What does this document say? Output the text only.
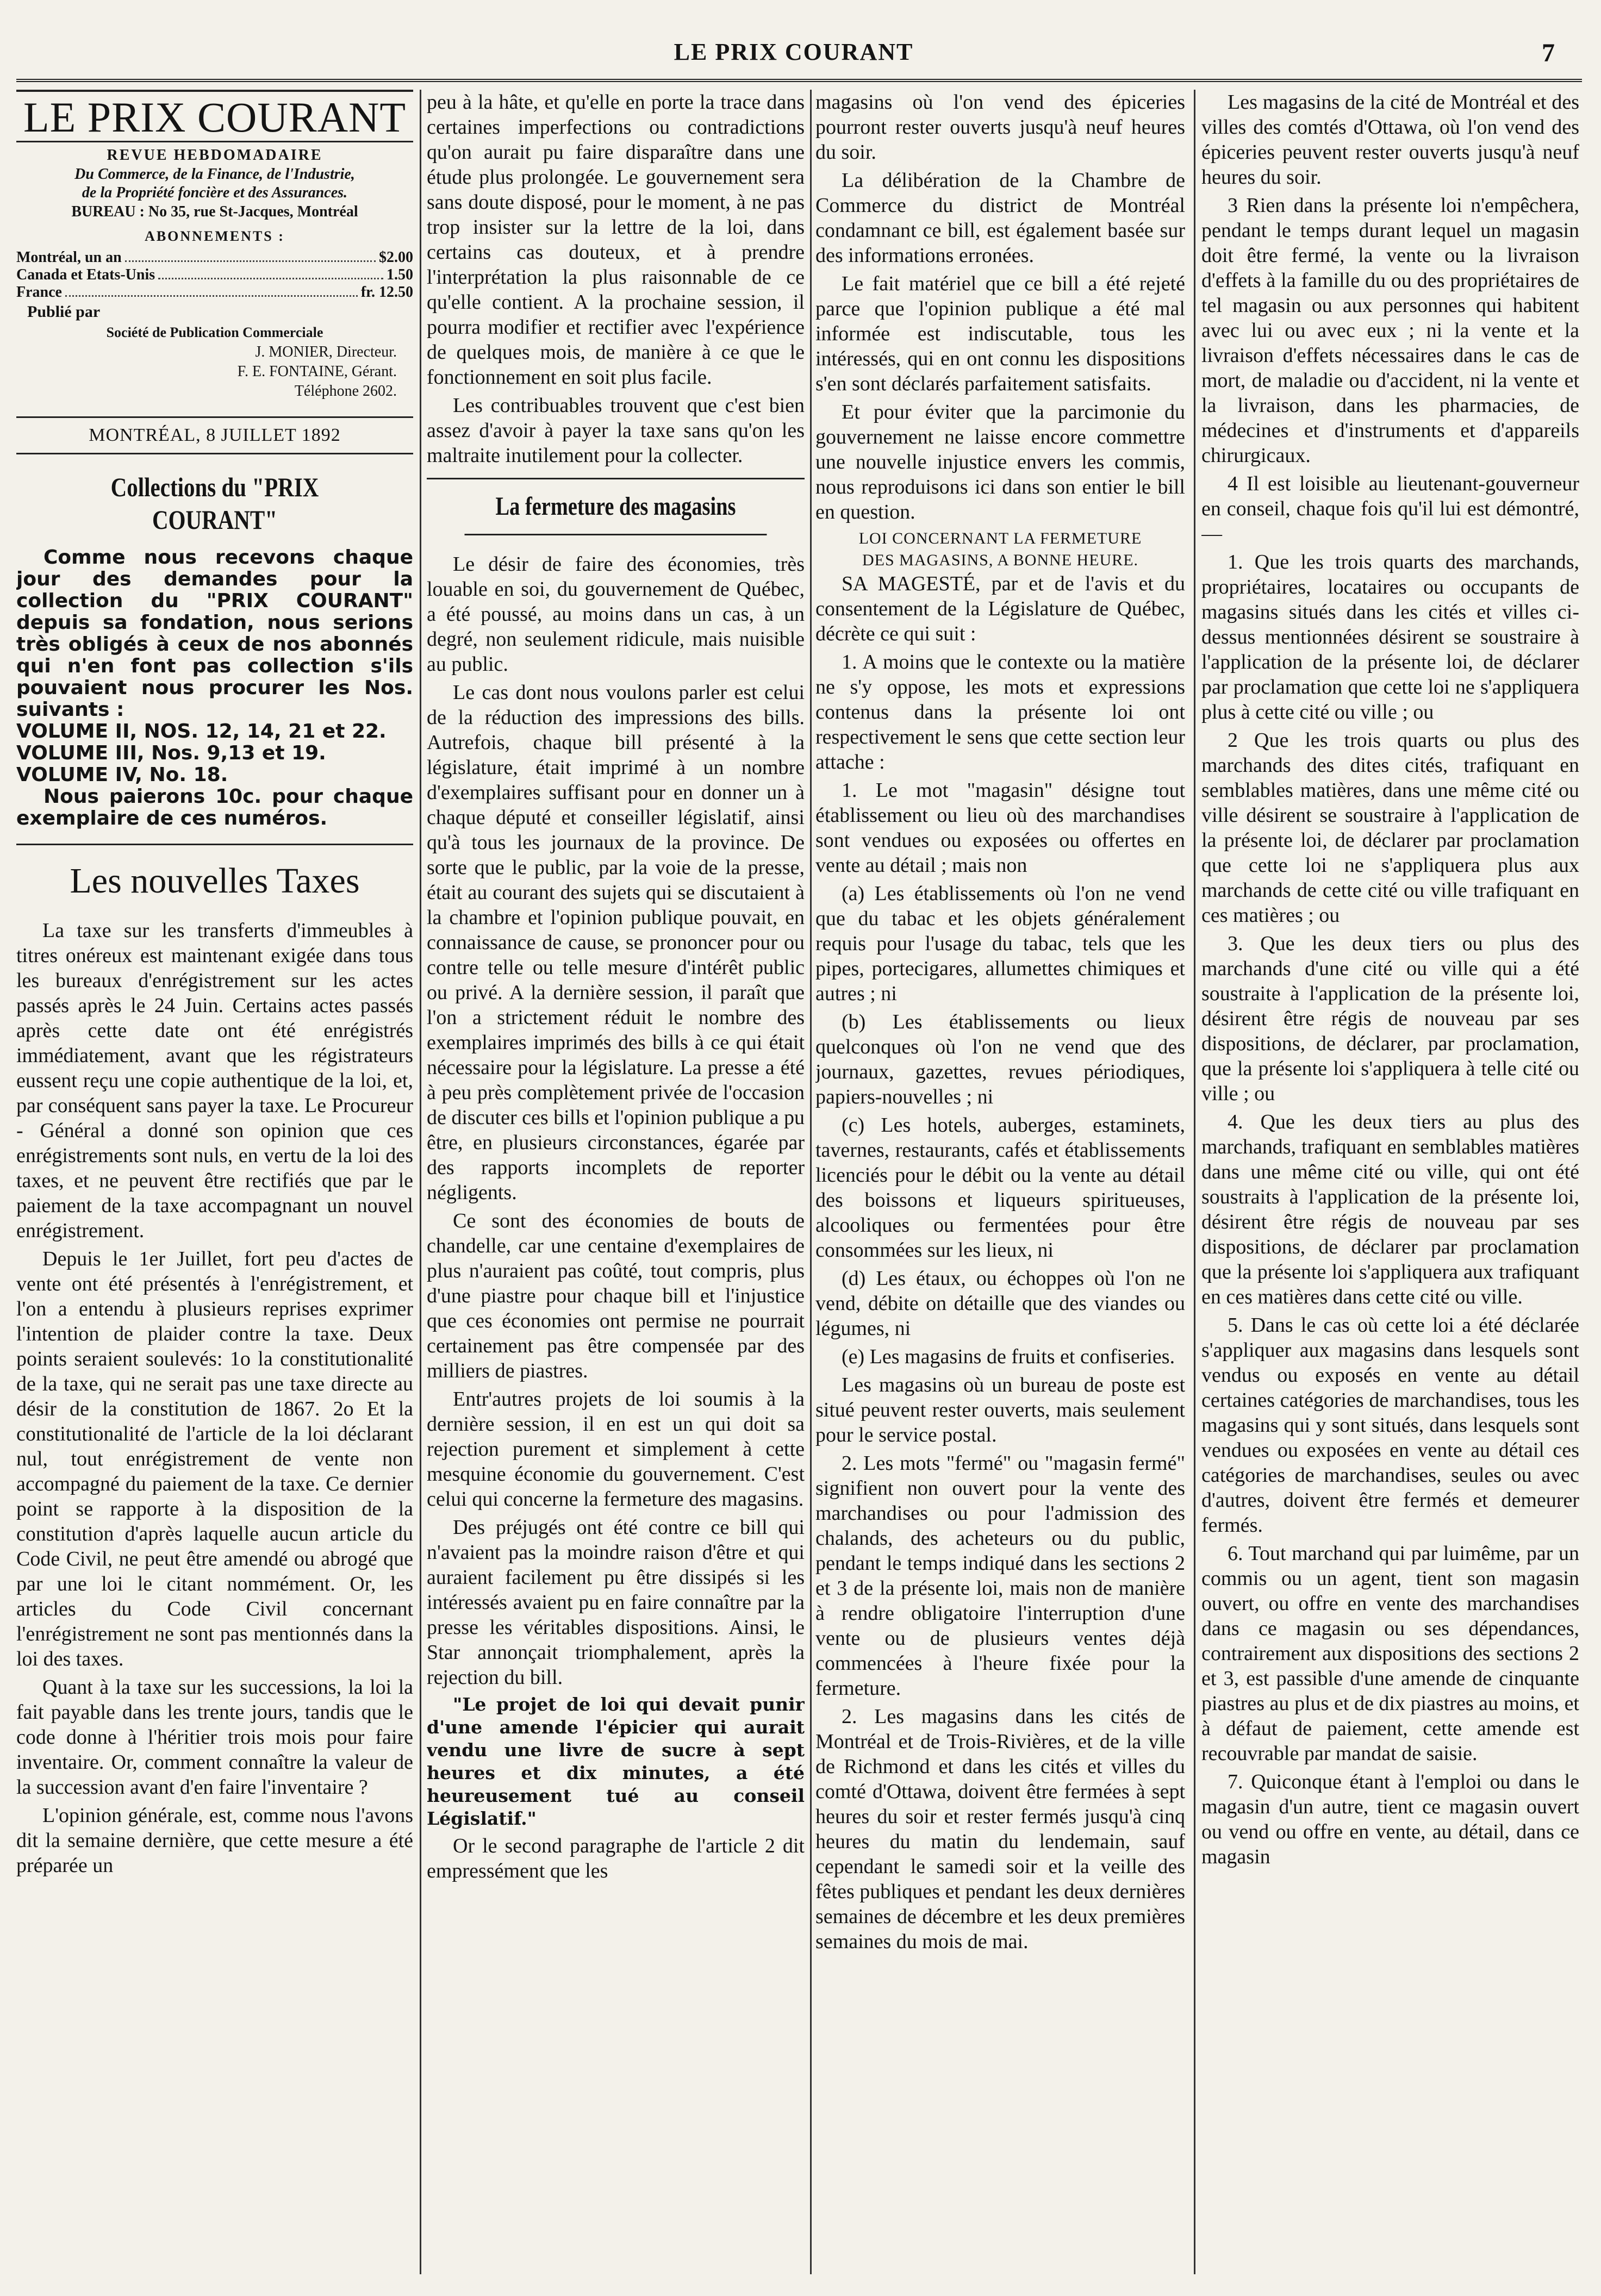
LE PRIX COURANT	7
LE PRIX COURANT
REVUE HEBDOMADAIRE
Du Commerce, de la Finance, de l'Industrie,
de la Propriété foncière et des Assurances.
BUREAU : No 35, rue St-Jacques, Montréal
ABONNEMENTS :
Montréal, un an	$2.00
Canada et Etats-Unis	1.50
France	fr. 12.50
Publié par
Société de Publication Commerciale
J. MONIER, Directeur.
F. E. FONTAINE, Gérant.
Téléphone 2602.
MONTRÉAL, 8 JUILLET 1892
Collections du "PRIX COURANT"
Comme nous recevons chaque jour des demandes pour la collection du "PRIX COURANT" depuis sa fondation, nous serions très obligés à ceux de nos abonnés qui n'en font pas collection s'ils pouvaient nous procurer les Nos. suivants :
VOLUME II, NOS. 12, 14, 21 et 22.
VOLUME III, Nos. 9,13 et 19.
VOLUME IV, No. 18.
Nous paierons 10c. pour chaque exemplaire de ces numéros.
Les nouvelles Taxes

La taxe sur les transferts d'immeubles à titres onéreux est maintenant exigée dans tous les bureaux d'enrégistrement sur les actes passés après le 24 Juin. Certains actes passés après cette date ont été enrégistrés immédiatement, avant que les régistrateurs eussent reçu une copie authentique de la loi, et, par conséquent sans payer la taxe. Le Procureur - Général a donné son opinion que ces enrégistrements sont nuls, en vertu de la loi des taxes, et ne peuvent être rectifiés que par le paiement de la taxe accompagnant un nouvel enrégistrement.

Depuis le 1er Juillet, fort peu d'actes de vente ont été présentés à l'enrégistrement, et l'on a entendu à plusieurs reprises exprimer l'intention de plaider contre la taxe. Deux points seraient soulevés: 1o la constitutionalité de la taxe, qui ne serait pas une taxe directe au désir de la constitution de 1867. 2o Et la constitutionalité de l'article de la loi déclarant nul, tout enrégistrement de vente non accompagné du paiement de la taxe. Ce dernier point se rapporte à la disposition de la constitution d'après laquelle aucun article du Code Civil, ne peut être amendé ou abrogé que par une loi le citant nommément. Or, les articles du Code Civil concernant l'enrégistrement ne sont pas mentionnés dans la loi des taxes.

Quant à la taxe sur les successions, la loi la fait payable dans les trente jours, tandis que le code donne à l'héritier trois mois pour faire inventaire. Or, comment connaître la valeur de la succession avant d'en faire l'inventaire ?

L'opinion générale, est, comme nous l'avons dit la semaine dernière, que cette mesure a été préparée un

peu à la hâte, et qu'elle en porte la trace dans certaines imperfections ou contradictions qu'on aurait pu faire disparaître dans une étude plus prolongée. Le gouvernement sera sans doute disposé, pour le moment, à ne pas trop insister sur la lettre de la loi, dans certains cas douteux, et à prendre l'interprétation la plus raisonnable de ce qu'elle contient. A la prochaine session, il pourra modifier et rectifier avec l'expérience de quelques mois, de manière à ce que le fonctionnement en soit plus facile.

Les contribuables trouvent que c'est bien assez d'avoir à payer la taxe sans qu'on les maltraite inutilement pour la collecter.

La fermeture des magasins

Le désir de faire des économies, très louable en soi, du gouvernement de Québec, a été poussé, au moins dans un cas, à un degré, non seulement ridicule, mais nuisible au public.

Le cas dont nous voulons parler est celui de la réduction des impressions des bills. Autrefois, chaque bill présenté à la législature, était imprimé à un nombre d'exemplaires suffisant pour en donner un à chaque député et conseiller législatif, ainsi qu'à tous les journaux de la province. De sorte que le public, par la voie de la presse, était au courant des sujets qui se discutaient à la chambre et l'opinion publique pouvait, en connaissance de cause, se prononcer pour ou contre telle ou telle mesure d'intérêt public ou privé. A la dernière session, il paraît que l'on a strictement réduit le nombre des exemplaires imprimés des bills à ce qui était nécessaire pour la législature. La presse a été à peu près complètement privée de l'occasion de discuter ces bills et l'opinion publique a pu être, en plusieurs circonstances, égarée par des rapports incomplets de reporter négligents.

Ce sont des économies de bouts de chandelle, car une centaine d'exemplaires de plus n'auraient pas coûté, tout compris, plus d'une piastre pour chaque bill et l'injustice que ces économies ont permise ne pourrait certainement pas être compensée par des milliers de piastres.

Entr'autres projets de loi soumis à la dernière session, il en est un qui doit sa rejection purement et simplement à cette mesquine économie du gouvernement. C'est celui qui concerne la fermeture des magasins.

Des préjugés ont été contre ce bill qui n'avaient pas la moindre raison d'être et qui auraient facilement pu être dissipés si les intéressés avaient pu en faire connaître par la presse les véritables dispositions. Ainsi, le Star annonçait triomphalement, après la rejection du bill.

"Le projet de loi qui devait punir d'une amende l'épicier qui aurait vendu une livre de sucre à sept heures et dix minutes, a été heureusement tué au conseil Législatif."

Or le second paragraphe de l'article 2 dit empressément que les

magasins où l'on vend des épiceries pourront rester ouverts jusqu'à neuf heures du soir.

La délibération de la Chambre de Commerce du district de Montréal condamnant ce bill, est également basée sur des informations erronées.

Le fait matériel que ce bill a été rejeté parce que l'opinion publique a été mal informée est indiscutable, tous les intéressés, qui en ont connu les dispositions s'en sont déclarés parfaitement satisfaits.

Et pour éviter que la parcimonie du gouvernement ne laisse encore commettre une nouvelle injustice envers les commis, nous reproduisons ici dans son entier le bill en question.

LOI CONCERNANT LA FERMETURE
DES MAGASINS, A BONNE HEURE.

SA MAGESTÉ, par et de l'avis et du consentement de la Législature de Québec, décrète ce qui suit :

1. A moins que le contexte ou la matière ne s'y oppose, les mots et expressions contenus dans la présente loi ont respectivement le sens que cette section leur attache :

1. Le mot "magasin" désigne tout établissement ou lieu où des marchandises sont vendues ou exposées ou offertes en vente au détail ; mais non

(a) Les établissements où l'on ne vend que du tabac et les objets généralement requis pour l'usage du tabac, tels que les pipes, portecigares, allumettes chimiques et autres ; ni

(b) Les établissements ou lieux quelconques où l'on ne vend que des journaux, gazettes, revues périodiques, papiers-nouvelles ; ni

(c) Les hotels, auberges, estaminets, tavernes, restaurants, cafés et établissements licenciés pour le débit ou la vente au détail des boissons et liqueurs spiritueuses, alcooliques ou fermentées pour être consommées sur les lieux, ni

(d) Les étaux, ou échoppes où l'on ne vend, débite on détaille que des viandes ou légumes, ni

(e) Les magasins de fruits et confiseries.

Les magasins où un bureau de poste est situé peuvent rester ouverts, mais seulement pour le service postal.

2. Les mots "fermé" ou "magasin fermé" signifient non ouvert pour la vente des marchandises ou pour l'admission des chalands, des acheteurs ou du public, pendant le temps indiqué dans les sections 2 et 3 de la présente loi, mais non de manière à rendre obligatoire l'interruption d'une vente ou de plusieurs ventes déjà commencées à l'heure fixée pour la fermeture.

2. Les magasins dans les cités de Montréal et de Trois-Rivières, et de la ville de Richmond et dans les cités et villes du comté d'Ottawa, doivent être fermées à sept heures du soir et rester fermés jusqu'à cinq heures du matin du lendemain, sauf cependant le samedi soir et la veille des fêtes publiques et pendant les deux dernières semaines de décembre et les deux premières semaines du mois de mai.

Les magasins de la cité de Montréal et des villes des comtés d'Ottawa, où l'on vend des épiceries peuvent rester ouverts jusqu'à neuf heures du soir.

3 Rien dans la présente loi n'empêchera, pendant le temps durant lequel un magasin doit être fermé, la vente ou la livraison d'effets à la famille du ou des propriétaires de tel magasin ou aux personnes qui habitent avec lui ou avec eux ; ni la vente et la livraison d'effets nécessaires dans le cas de mort, de maladie ou d'accident, ni la vente et la livraison, dans les pharmacies, de médecines et d'instruments et d'appareils chirurgicaux.

4 Il est loisible au lieutenant-gouverneur en conseil, chaque fois qu'il lui est démontré, —

1. Que les trois quarts des marchands, propriétaires, locataires ou occupants de magasins situés dans les cités et villes ci-dessus mentionnées désirent se soustraire à l'application de la présente loi, de déclarer par proclamation que cette loi ne s'appliquera plus à cette cité ou ville ; ou

2 Que les trois quarts ou plus des marchands des dites cités, trafiquant en semblables matières, dans une même cité ou ville désirent se soustraire à l'application de la présente loi, de déclarer par proclamation que cette loi ne s'appliquera plus aux marchands de cette cité ou ville trafiquant en ces matières ; ou

3. Que les deux tiers ou plus des marchands d'une cité ou ville qui a été soustraite à l'application de la présente loi, désirent être régis de nouveau par ses dispositions, de déclarer, par proclamation, que la présente loi s'appliquera à telle cité ou ville ; ou

4. Que les deux tiers au plus des marchands, trafiquant en semblables matières dans une même cité ou ville, qui ont été soustraits à l'application de la présente loi, désirent être régis de nouveau par ses dispositions, de déclarer par proclamation que la présente loi s'appliquera aux trafiquant en ces matières dans cette cité ou ville.

5. Dans le cas où cette loi a été déclarée s'appliquer aux magasins dans lesquels sont vendus ou exposés en vente au détail certaines catégories de marchandises, tous les magasins qui y sont situés, dans lesquels sont vendues ou exposées en vente au détail ces catégories de marchandises, seules ou avec d'autres, doivent être fermés et demeurer fermés.

6. Tout marchand qui par luimême, par un commis ou un agent, tient son magasin ouvert, ou offre en vente des marchandises dans ce magasin ou ses dépendances, contrairement aux dispositions des sections 2 et 3, est passible d'une amende de cinquante piastres au plus et de dix piastres au moins, et à défaut de paiement, cette amende est recouvrable par mandat de saisie.

7. Quiconque étant à l'emploi ou dans le magasin d'un autre, tient ce magasin ouvert ou vend ou offre en vente, au détail, dans ce magasin
